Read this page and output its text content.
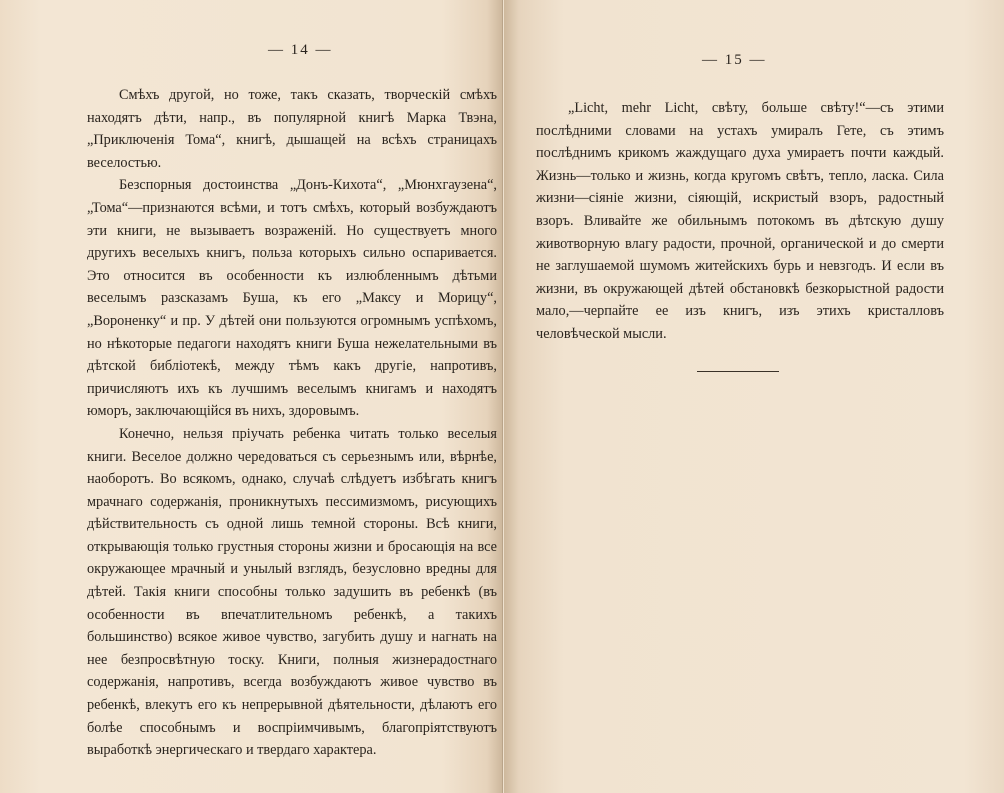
— 14 —

Смѣхъ другой, но тоже, такъ сказать, творческій смѣхъ находятъ дѣти, напр., въ популярной книгѣ Марка Твэна, „Приключенія Тома“, книгѣ, дышащей на всѣхъ страницахъ веселостью.

Безспорныя достоинства „Донъ-Кихота“, „Мюнхгаузена“, „Тома“—признаются всѣми, и тотъ смѣхъ, который возбуждаютъ эти книги, не вызываетъ возраженій. Но существуетъ много другихъ веселыхъ книгъ, польза которыхъ сильно оспаривается. Это относится въ особенности къ излюбленнымъ дѣтьми веселымъ разсказамъ Буша, къ его „Максу и Морицу“, „Вороненку“ и пр. У дѣтей они пользуются огромнымъ успѣхомъ, но нѣкоторые педагоги находятъ книги Буша нежелательными въ дѣтской библіотекѣ, между тѣмъ какъ другіе, напротивъ, причисляютъ ихъ къ лучшимъ веселымъ книгамъ и находятъ юморъ, заключающійся въ нихъ, здоровымъ.

Конечно, нельзя пріучать ребенка читать только веселыя книги. Веселое должно чередоваться съ серьезнымъ или, вѣрнѣе, наоборотъ. Во всякомъ, однако, случаѣ слѣдуетъ избѣгать книгъ мрачнаго содержанія, проникнутыхъ пессимизмомъ, рисующихъ дѣйствительность съ одной лишь темной стороны. Всѣ книги, открывающія только грустныя стороны жизни и бросающія на все окружающее мрачный и унылый взглядъ, безусловно вредны для дѣтей. Такія книги способны только задушить въ ребенкѣ (въ особенности въ впечатлительномъ ребенкѣ, а такихъ большинство) всякое живое чувство, загубить душу и нагнать на нее безпросвѣтную тоску. Книги, полныя жизнерадостнаго содержанія, напротивъ, всегда возбуждаютъ живое чувство въ ребенкѣ, влекутъ его къ непрерывной дѣятельности, дѣлаютъ его болѣе способнымъ и воспріимчивымъ, благопріятствуютъ выработкѣ энергическаго и твердаго характера.

— 15 —

„Licht, mehr Licht, свѣту, больше свѣту!“—съ этими послѣдними словами на устахъ умиралъ Гете, съ этимъ послѣднимъ крикомъ жаждущаго духа умираетъ почти каждый. Жизнь—только и жизнь, когда кругомъ свѣтъ, тепло, ласка. Сила жизни—сіяніе жизни, сіяющій, искристый взоръ, радостный взоръ. Вливайте же обильнымъ потокомъ въ дѣтскую душу животворную влагу радости, прочной, органической и до смерти не заглушаемой шумомъ житейскихъ бурь и невзгодъ. И если въ жизни, въ окружающей дѣтей обстановкѣ безкорыстной радости мало,—черпайте ее изъ книгъ, изъ этихъ кристалловъ человѣческой мысли.
